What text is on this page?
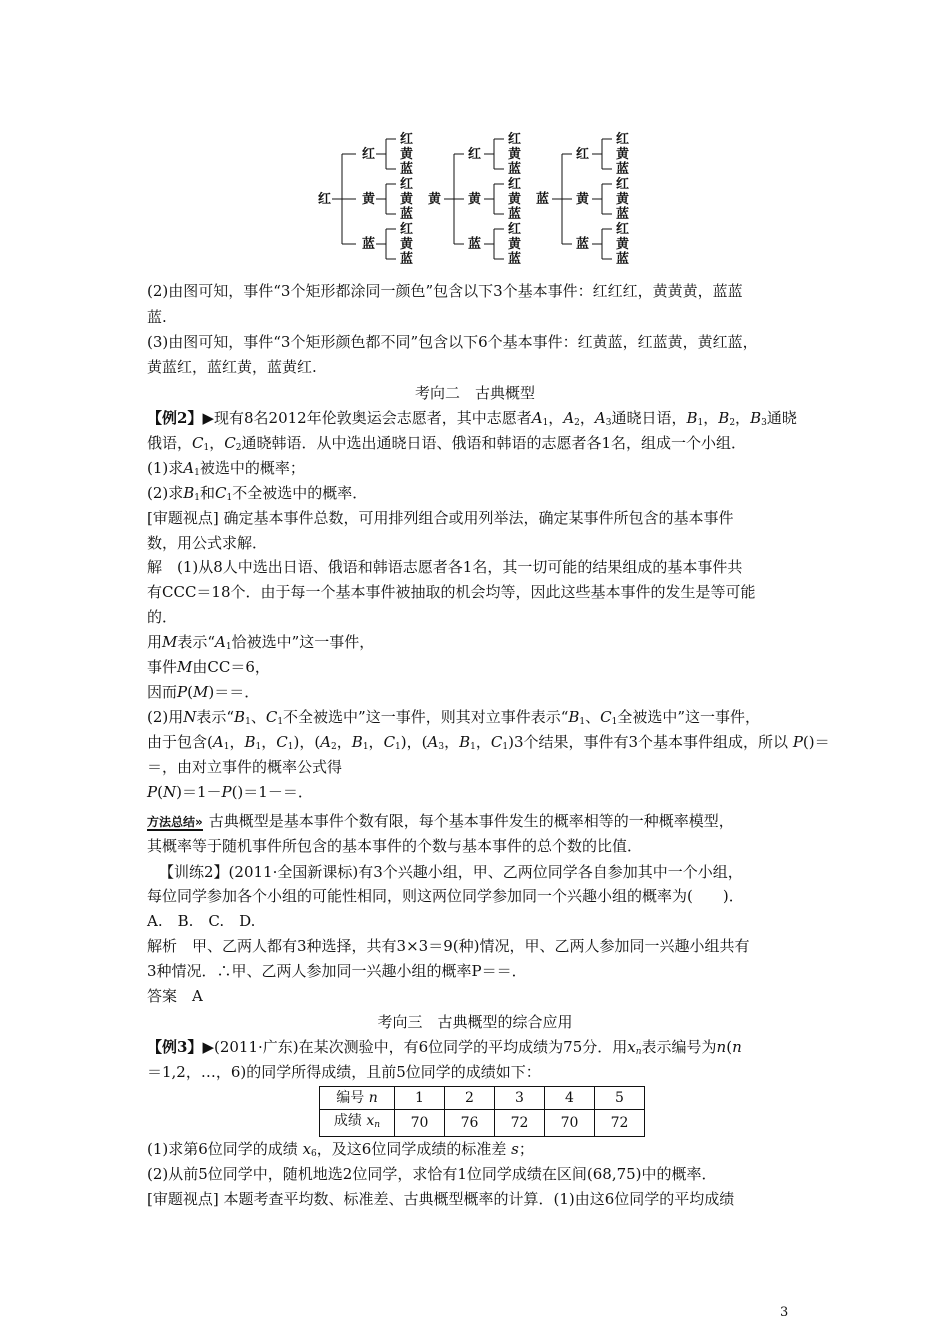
红
红
黄
蓝
红
黄
蓝
红
黄
蓝
红
黄
蓝
黄
红
黄
蓝
红
黄
蓝
红
黄
蓝
红
黄
蓝
蓝
红
黄
蓝
红
黄
蓝
红
黄
蓝
红
黄
蓝
(2)由图可知，事件“3个矩形都涂同一颜色”包含以下3个基本事件：红红红，黄黄黄，蓝蓝
蓝.
(3)由图可知，事件“3个矩形颜色都不同”包含以下6个基本事件：红黄蓝，红蓝黄，黄红蓝，
黄蓝红，蓝红黄，蓝黄红.
考向二　古典概型
【例2】▶现有8名2012年伦敦奥运会志愿者，其中志愿者$A_1$，$A_2$，$A_3$通晓日语，$B_1$，$B_2$，$B_3$通晓
俄语，$C_1$，$C_2$通晓韩语．从中选出通晓日语、俄语和韩语的志愿者各1名，组成一个小组．
(1)求$A_1$被选中的概率；
(2)求$B_1$和$C_1$不全被选中的概率．
[审题视点] 确定基本事件总数，可用排列组合或用列举法，确定某事件所包含的基本事件
数，用公式求解．
解　(1)从8人中选出日语、俄语和韩语志愿者各1名，其一切可能的结果组成的基本事件共
有CCC＝18个．由于每一个基本事件被抽取的机会均等，因此这些基本事件的发生是等可能
的．
用M表示“$A_1$恰被选中”这一事件，
事件M由CC＝6，
因而P(M)＝＝．
(2)用N表示“$B_1$、$C_1$不全被选中”这一事件，则其对立事件表示“$B_1$、$C_1$全被选中”这一事件，
由于包含($A_1$，$B_1$，$C_1$)，($A_2$，$B_1$，$C_1$)，($A_3$，$B_1$，$C_1)3$个结果，事件有3个基本事件组成，所以 P()＝
＝，由对立事件的概率公式得
P(N)＝1－P()＝1－＝．
方法总结» 古典概型是基本事件个数有限，每个基本事件发生的概率相等的一种概率模型，
其概率等于随机事件所包含的基本事件的个数与基本事件的总个数的比值．
【训练2】(2011·全国新课标)有3个兴趣小组，甲、乙两位同学各自参加其中一个小组，
每位同学参加各个小组的可能性相同，则这两位同学参加同一个兴趣小组的概率为(　　)．
A.　B.　C.　D.
解析　甲、乙两人都有3种选择，共有3×3＝9(种)情况，甲、乙两人参加同一兴趣小组共有
3种情况．∴甲、乙两人参加同一兴趣小组的概率P＝＝．
答案　A
考向三　古典概型的综合应用
【例3】▶(2011·广东)在某次测验中，有6位同学的平均成绩为75分．用$x_n$表示编号为n(n
＝1,2，…，6)的同学所得成绩，且前5位同学的成绩如下：
编号 n	1	2	3	4	5
成绩 $x_n$	70	76	72	70	72
(1)求第6位同学的成绩 $x_6$，及这6位同学成绩的标准差 s；
(2)从前5位同学中，随机地选2位同学，求恰有1位同学成绩在区间(68,75)中的概率．
[审题视点] 本题考查平均数、标准差、古典概型概率的计算．(1)由这6位同学的平均成绩
3
